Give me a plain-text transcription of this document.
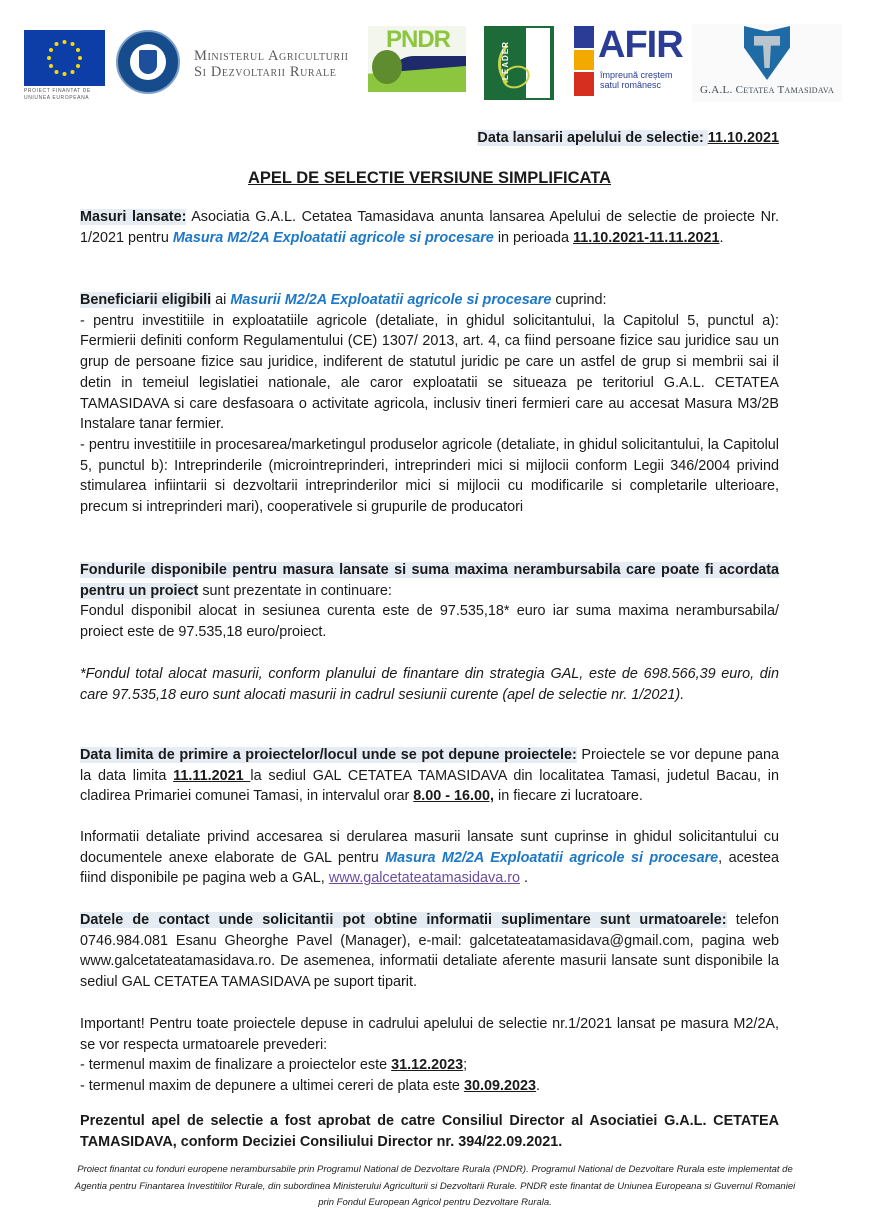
PROIECT FINANTAT DE
UNIUNEA EUROPEANA
Ministerul Agriculturii
Si Dezvoltarii Rurale
PNDR
LEADER AFIR
împreună creștem
satul românesc	G.A.L. Cetatea Tamasidava
Data lansarii apelului de selectie: 11.10.2021
APEL DE SELECTIE VERSIUNE SIMPLIFICATA
Masuri lansate: Asociatia G.A.L. Cetatea Tamasidava anunta lansarea Apelului de selectie de proiecte Nr. 1/2021 pentru Masura M2/2A Exploatatii agricole si procesare in perioada 11.10.2021-11.11.2021.
Beneficiarii eligibili ai Masurii M2/2A Exploatatii agricole si procesare cuprind:
- pentru investitiile in exploatatiile agricole (detaliate, in ghidul solicitantului, la Capitolul 5, punctul a): Fermierii definiti conform Regulamentului (CE) 1307/ 2013, art. 4, ca fiind persoane fizice sau juridice sau un grup de persoane fizice sau juridice, indiferent de statutul juridic pe care un astfel de grup si membrii sai il detin in temeiul legislatiei nationale, ale caror exploatatii se situeaza pe teritoriul G.A.L. CETATEA TAMASIDAVA si care desfasoara o activitate agricola, inclusiv tineri fermieri care au accesat Masura M3/2B Instalare tanar fermier.
- pentru investitiile in procesarea/marketingul produselor agricole (detaliate, in ghidul solicitantului, la Capitolul 5, punctul b): Intreprinderile (microintreprinderi, intreprinderi mici si mijlocii conform Legii 346/2004 privind stimularea infiintarii si dezvoltarii intreprinderilor mici si mijlocii cu modificarile si completarile ulterioare, precum si intreprinderi mari), cooperativele si grupurile de producatori
Fondurile disponibile pentru masura lansate si suma maxima nerambursabila care poate fi acordata pentru un proiect sunt prezentate in continuare:
Fondul disponibil alocat in sesiunea curenta este de 97.535,18* euro iar suma maxima nerambursabila/ proiect este de 97.535,18 euro/proiect.
*Fondul total alocat masurii, conform planului de finantare din strategia GAL, este de 698.566,39 euro, din care 97.535,18 euro sunt alocati masurii in cadrul sesiunii curente (apel de selectie nr. 1/2021).
Data limita de primire a proiectelor/locul unde se pot depune proiectele: Proiectele se vor depune pana la data limita 11.11.2021 la sediul GAL CETATEA TAMASIDAVA din localitatea Tamasi, judetul Bacau, in cladirea Primariei comunei Tamasi, in intervalul orar 8.00 - 16.00, in fiecare zi lucratoare.
Informatii detaliate privind accesarea si derularea masurii lansate sunt cuprinse in ghidul solicitantului cu documentele anexe elaborate de GAL pentru Masura M2/2A Exploatatii agricole si procesare, acestea fiind disponibile pe pagina web a GAL, www.galcetateatamasidava.ro .
Datele de contact unde solicitantii pot obtine informatii suplimentare sunt urmatoarele: telefon 0746.984.081 Esanu Gheorghe Pavel (Manager), e-mail: galcetateatamasidava@gmail.com, pagina web www.galcetateatamasidava.ro. De asemenea, informatii detaliate aferente masurii lansate sunt disponibile la sediul GAL CETATEA TAMASIDAVA pe suport tiparit.
Important! Pentru toate proiectele depuse in cadrului apelului de selectie nr.1/2021 lansat pe masura M2/2A, se vor respecta urmatoarele prevederi:
- termenul maxim de finalizare a proiectelor este 31.12.2023;
- termenul maxim de depunere a ultimei cereri de plata este 30.09.2023.
Prezentul apel de selectie a fost aprobat de catre Consiliul Director al Asociatiei G.A.L. CETATEA TAMASIDAVA, conform Deciziei Consiliului Director nr. 394/22.09.2021.
Proiect finantat cu fonduri europene nerambursabile prin Programul National de Dezvoltare Rurala (PNDR). Programul National de Dezvoltare Rurala este implementat de Agentia pentru Finantarea Investitiilor Rurale, din subordinea Ministerului Agriculturii si Dezvoltarii Rurale. PNDR este finantat de Uniunea Europeana si Guvernul Romaniei prin Fondul European Agricol pentru Dezvoltare Rurala.
